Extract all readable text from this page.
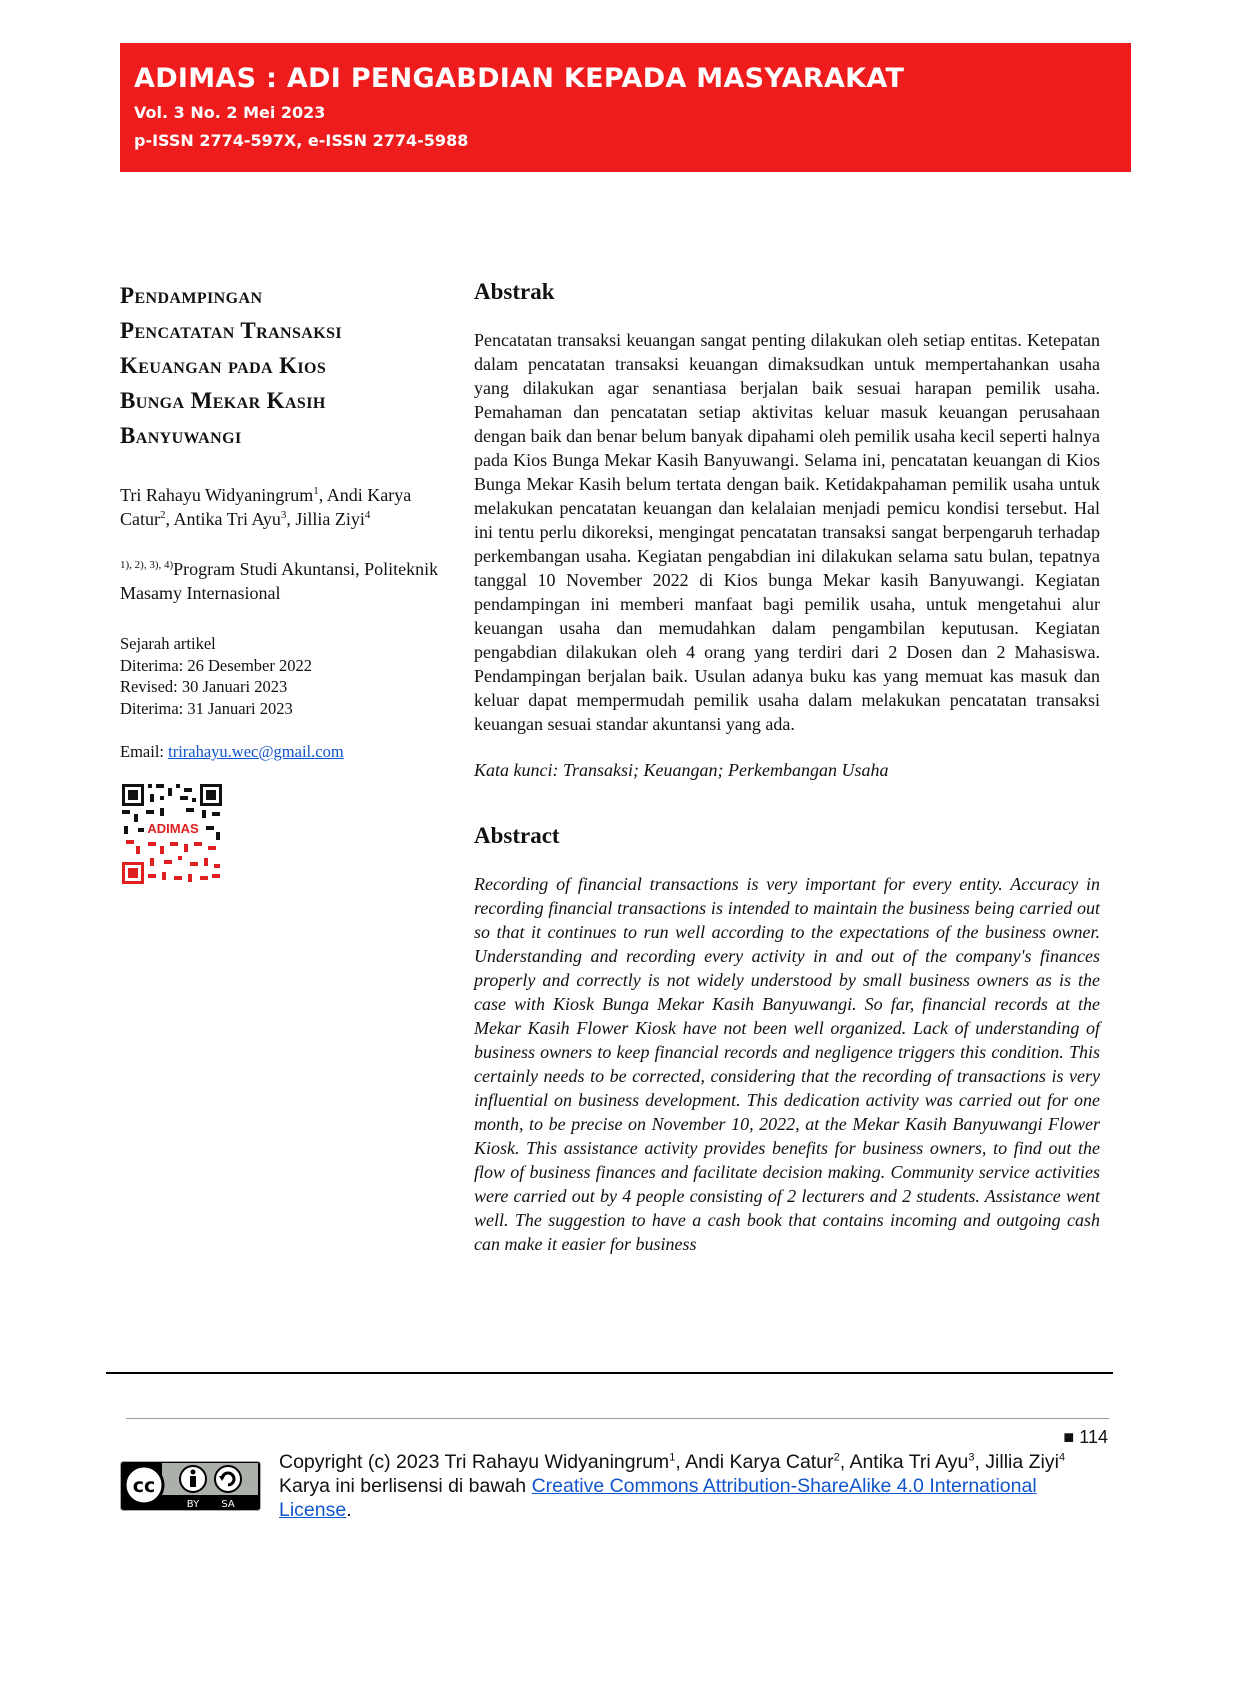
ADIMAS : ADI PENGABDIAN KEPADA MASYARAKAT
Vol. 3 No. 2 Mei 2023
p-ISSN 2774-597X, e-ISSN 2774-5988
Pendampingan
Pencatatan Transaksi
Keuangan pada Kios
Bunga Mekar Kasih
Banyuwangi
Tri Rahayu Widyaningrum$^1$, Andi Karya Catur$^2$, Antika Tri Ayu$^3$, Jillia Ziyi$^4$
$^{1), 2), 3), 4)}$Program Studi Akuntansi, Politeknik Masamy Internasional
Sejarah artikel
Diterima: 26 Desember 2022
Revised: 30 Januari 2023
Diterima: 31 Januari 2023
Email: trirahayu.wec@gmail.com
ADIMAS
Abstrak

Pencatatan transaksi keuangan sangat penting dilakukan oleh setiap entitas. Ketepatan dalam pencatatan transaksi keuangan dimaksudkan untuk mempertahankan usaha yang dilakukan agar senantiasa berjalan baik sesuai harapan pemilik usaha. Pemahaman dan pencatatan setiap aktivitas keluar masuk keuangan perusahaan dengan baik dan benar belum banyak dipahami oleh pemilik usaha kecil seperti halnya pada Kios Bunga Mekar Kasih Banyuwangi. Selama ini, pencatatan keuangan di Kios Bunga Mekar Kasih belum tertata dengan baik. Ketidakpahaman pemilik usaha untuk melakukan pencatatan keuangan dan kelalaian menjadi pemicu kondisi tersebut. Hal ini tentu perlu dikoreksi, mengingat pencatatan transaksi sangat berpengaruh terhadap perkembangan usaha. Kegiatan pengabdian ini dilakukan selama satu bulan, tepatnya tanggal 10 November 2022 di Kios bunga Mekar kasih Banyuwangi. Kegiatan pendampingan ini memberi manfaat bagi pemilik usaha, untuk mengetahui alur keuangan usaha dan memudahkan dalam pengambilan keputusan. Kegiatan pengabdian dilakukan oleh 4 orang yang terdiri dari 2 Dosen dan 2 Mahasiswa. Pendampingan berjalan baik. Usulan adanya buku kas yang memuat kas masuk dan keluar dapat mempermudah pemilik usaha dalam melakukan pencatatan transaksi keuangan sesuai standar akuntansi yang ada.

Kata kunci: Transaksi; Keuangan; Perkembangan Usaha

Abstract

Recording of financial transactions is very important for every entity. Accuracy in recording financial transactions is intended to maintain the business being carried out so that it continues to run well according to the expectations of the business owner. Understanding and recording every activity in and out of the company's finances properly and correctly is not widely understood by small business owners as is the case with Kiosk Bunga Mekar Kasih Banyuwangi. So far, financial records at the Mekar Kasih Flower Kiosk have not been well organized. Lack of understanding of business owners to keep financial records and negligence triggers this condition. This certainly needs to be corrected, considering that the recording of transactions is very influential on business development. This dedication activity was carried out for one month, to be precise on November 10, 2022, at the Mekar Kasih Banyuwangi Flower Kiosk. This assistance activity provides benefits for business owners, to find out the flow of business finances and facilitate decision making. Community service activities were carried out by 4 people consisting of 2 lecturers and 2 students. Assistance went well. The suggestion to have a cash book that contains incoming and outgoing cash can make it easier for business

■ 114
cc
BY SA
Copyright (c) 2023 Tri Rahayu Widyaningrum$^1$, Andi Karya Catur$^2$, Antika Tri Ayu$^3$, Jillia Ziyi$^4$
Karya ini berlisensi di bawah Creative Commons Attribution-ShareAlike 4.0 International License.
